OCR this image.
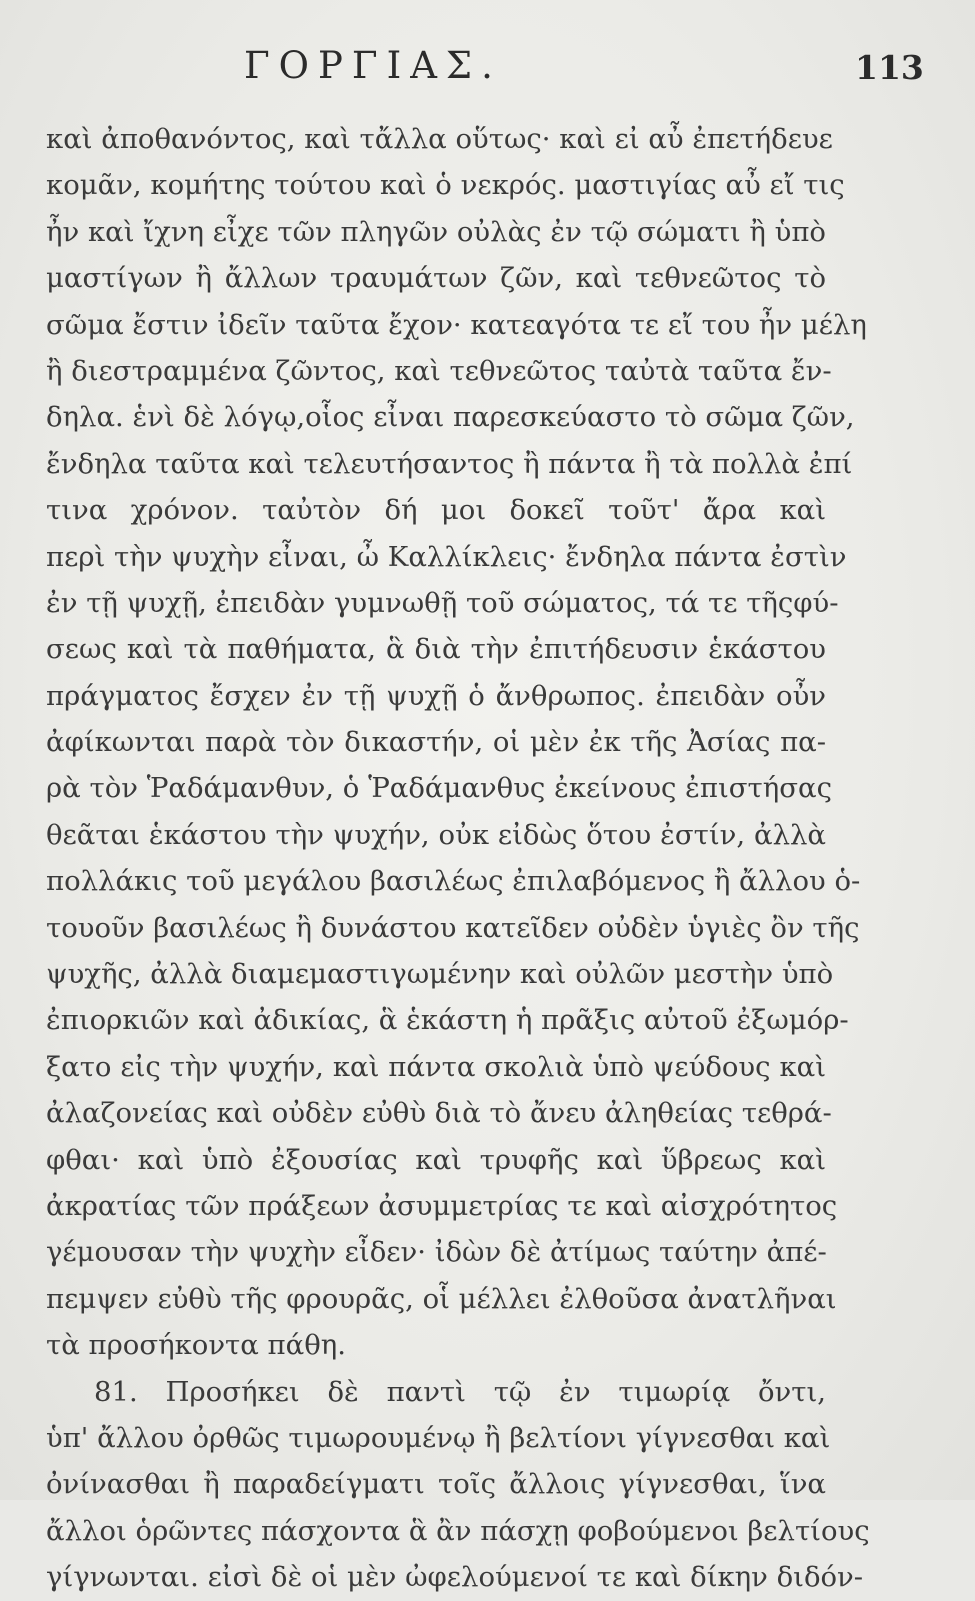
ΓΟΡΓΙΑΣ.	113
καὶ ἀποθανόντος, καὶ τἄλλα οὕτως· καὶ εἰ αὖ ἐπετήδευε
κομᾶν, κομήτης τούτου καὶ ὁ νεκρός. μαστιγίας αὖ εἴ τις
ἦν καὶ ἴχνη εἶχε τῶν πληγῶν οὐλὰς ἐν τῷ σώματι ἢ ὑπὸ
μαστίγων ἢ ἄλλων τραυμάτων ζῶν, καὶ τεθνεῶτος τὸ
σῶμα ἔστιν ἰδεῖν ταῦτα ἔχον· κατεαγότα τε εἴ του ἦν μέλη
ἢ διεστραμμένα ζῶντος, καὶ τεθνεῶτος ταὐτὰ ταῦτα ἔν-
δηλα. ἑνὶ δὲ λόγῳ,οἷος εἶναι παρεσκεύαστο τὸ σῶμα ζῶν,
ἔνδηλα ταῦτα καὶ τελευτήσαντος ἢ πάντα ἢ τὰ πολλὰ ἐπί
τινα χρόνον. ταὐτὸν δή μοι δοκεῖ τοῦτ' ἄρα καὶ
περὶ τὴν ψυχὴν εἶναι, ὦ Καλλίκλεις· ἔνδηλα πάντα ἐστὶν
ἐν τῇ ψυχῇ, ἐπειδὰν γυμνωθῇ τοῦ σώματος, τά τε τῆςφύ-
σεως καὶ τὰ παθήματα, ἃ διὰ τὴν ἐπιτήδευσιν ἑκάστου
πράγματος ἔσχεν ἐν τῇ ψυχῇ ὁ ἄνθρωπος. ἐπειδὰν οὖν
ἀφίκωνται παρὰ τὸν δικαστήν, οἱ μὲν ἐκ τῆς Ἀσίας πα-
ρὰ τὸν Ῥαδάμανθυν, ὁ Ῥαδάμανθυς ἐκείνους ἐπιστήσας
θεᾶται ἑκάστου τὴν ψυχήν, οὐκ εἰδὼς ὅτου ἐστίν, ἀλλὰ
πολλάκις τοῦ μεγάλου βασιλέως ἐπιλαβόμενος ἢ ἄλλου ὁ-
τουοῦν βασιλέως ἢ δυνάστου κατεῖδεν οὐδὲν ὑγιὲς ὂν τῆς
ψυχῆς, ἀλλὰ διαμεμαστιγωμένην καὶ οὐλῶν μεστὴν ὑπὸ
ἐπιορκιῶν καὶ ἀδικίας, ἃ ἑκάστη ἡ πρᾶξις αὐτοῦ ἐξωμόρ-
ξατο εἰς τὴν ψυχήν, καὶ πάντα σκολιὰ ὑπὸ ψεύδους καὶ
ἀλαζονείας καὶ οὐδὲν εὐθὺ διὰ τὸ ἄνευ ἀληθείας τεθρά-
φθαι· καὶ ὑπὸ ἐξουσίας καὶ τρυφῆς καὶ ὕβρεως καὶ
ἀκρατίας τῶν πράξεων ἀσυμμετρίας τε καὶ αἰσχρότητος
γέμουσαν τὴν ψυχὴν εἶδεν· ἰδὼν δὲ ἀτίμως ταύτην ἀπέ-
πεμψεν εὐθὺ τῆς φρουρᾶς, οἷ μέλλει ἐλθοῦσα ἀνατλῆναι
τὰ προσήκοντα πάθη.
81. Προσήκει δὲ παντὶ τῷ ἐν τιμωρίᾳ ὄντι,
ὑπ' ἄλλου ὀρθῶς τιμωρουμένῳ ἢ βελτίονι γίγνεσθαι καὶ
ὀνίνασθαι ἢ παραδείγματι τοῖς ἄλλοις γίγνεσθαι, ἵνα
ἄλλοι ὁρῶντες πάσχοντα ἃ ἂν πάσχῃ φοβούμενοι βελτίους
γίγνωνται. εἰσὶ δὲ οἱ μὲν ὠφελούμενοί τε καὶ δίκην διδόν-
